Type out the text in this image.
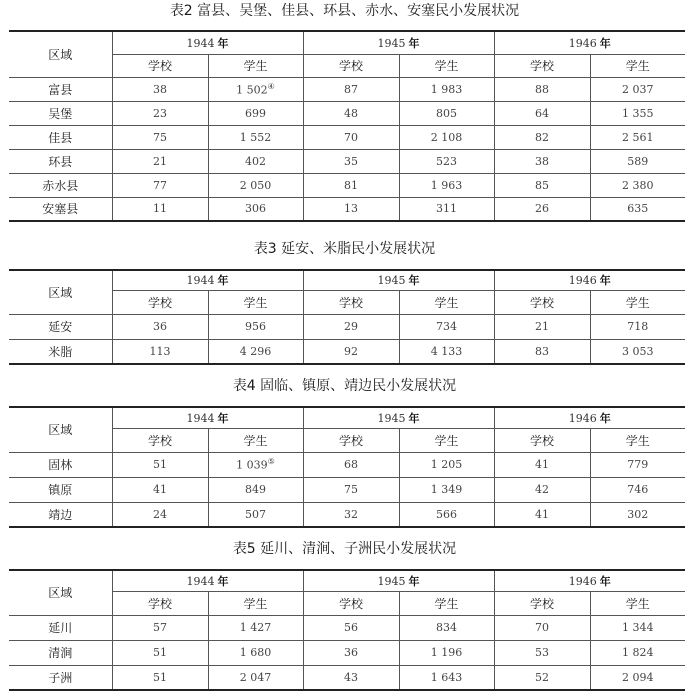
表2 富县、吴堡、佳县、环县、赤水、安塞民小发展状况
区域	1944 年		1945 年		1946 年	
	学校	学生	学校	学生	学校	学生
富县	38	1 502④	87	1 983	88	2 037
吴堡	23	699	48	805	64	1 355
佳县	75	1 552	70	2 108	82	2 561
环县	21	402	35	523	38	589
赤水县	77	2 050	81	1 963	85	2 380
安塞县	11	306	13	311	26	635
表3 延安、米脂民小发展状况
区域	1944 年		1945 年		1946 年	
	学校	学生	学校	学生	学校	学生
延安	36	956	29	734	21	718
米脂	113	4 296	92	4 133	83	3 053
表4 固临、镇原、靖边民小发展状况
区域	1944 年		1945 年		1946 年	
	学校	学生	学校	学生	学校	学生
固林	51	1 039⑤	68	1 205	41	779
镇原	41	849	75	1 349	42	746
靖边	24	507	32	566	41	302
表5 延川、清涧、子洲民小发展状况
区域	1944 年		1945 年		1946 年	
	学校	学生	学校	学生	学校	学生
延川	57	1 427	56	834	70	1 344
清涧	51	1 680	36	1 196	53	1 824
子洲	51	2 047	43	1 643	52	2 094
